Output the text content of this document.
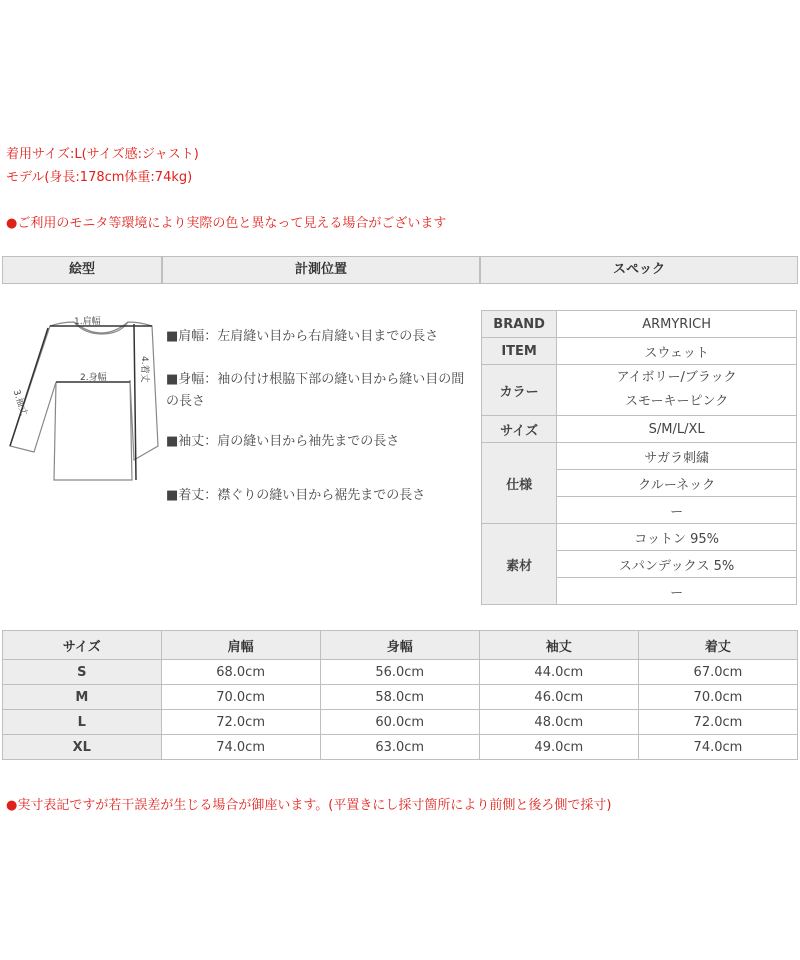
着用サイズ:L(サイズ感:ジャスト)
モデル(身長:178cm体重:74kg)
●ご利用のモニタ等環境により実際の色と異なって見える場合がございます
絵型	計測位置	スペック
1.肩幅
2.身幅
3.袖丈
4.着丈
■肩幅：左肩縫い目から右肩縫い目までの長さ
■身幅：袖の付け根脇下部の縫い目から縫い目の間の長さ
■袖丈：肩の縫い目から袖先までの長さ
■着丈：襟ぐりの縫い目から裾先までの長さ
BRAND	ARMYRICH
ITEM	スウェット
カラー	アイボリー/ブラック
スモーキーピンク
サイズ	S/M/L/XL
仕様	サガラ刺繍
	クルーネック
	ー
素材	コットン 95%
	スパンデックス 5%
	ー
サイズ	肩幅	身幅	袖丈	着丈
S	68.0cm	56.0cm	44.0cm	67.0cm
M	70.0cm	58.0cm	46.0cm	70.0cm
L	72.0cm	60.0cm	48.0cm	72.0cm
XL	74.0cm	63.0cm	49.0cm	74.0cm
●実寸表記ですが若干誤差が生じる場合が御座います。(平置きにし採寸箇所により前側と後ろ側で採寸)
